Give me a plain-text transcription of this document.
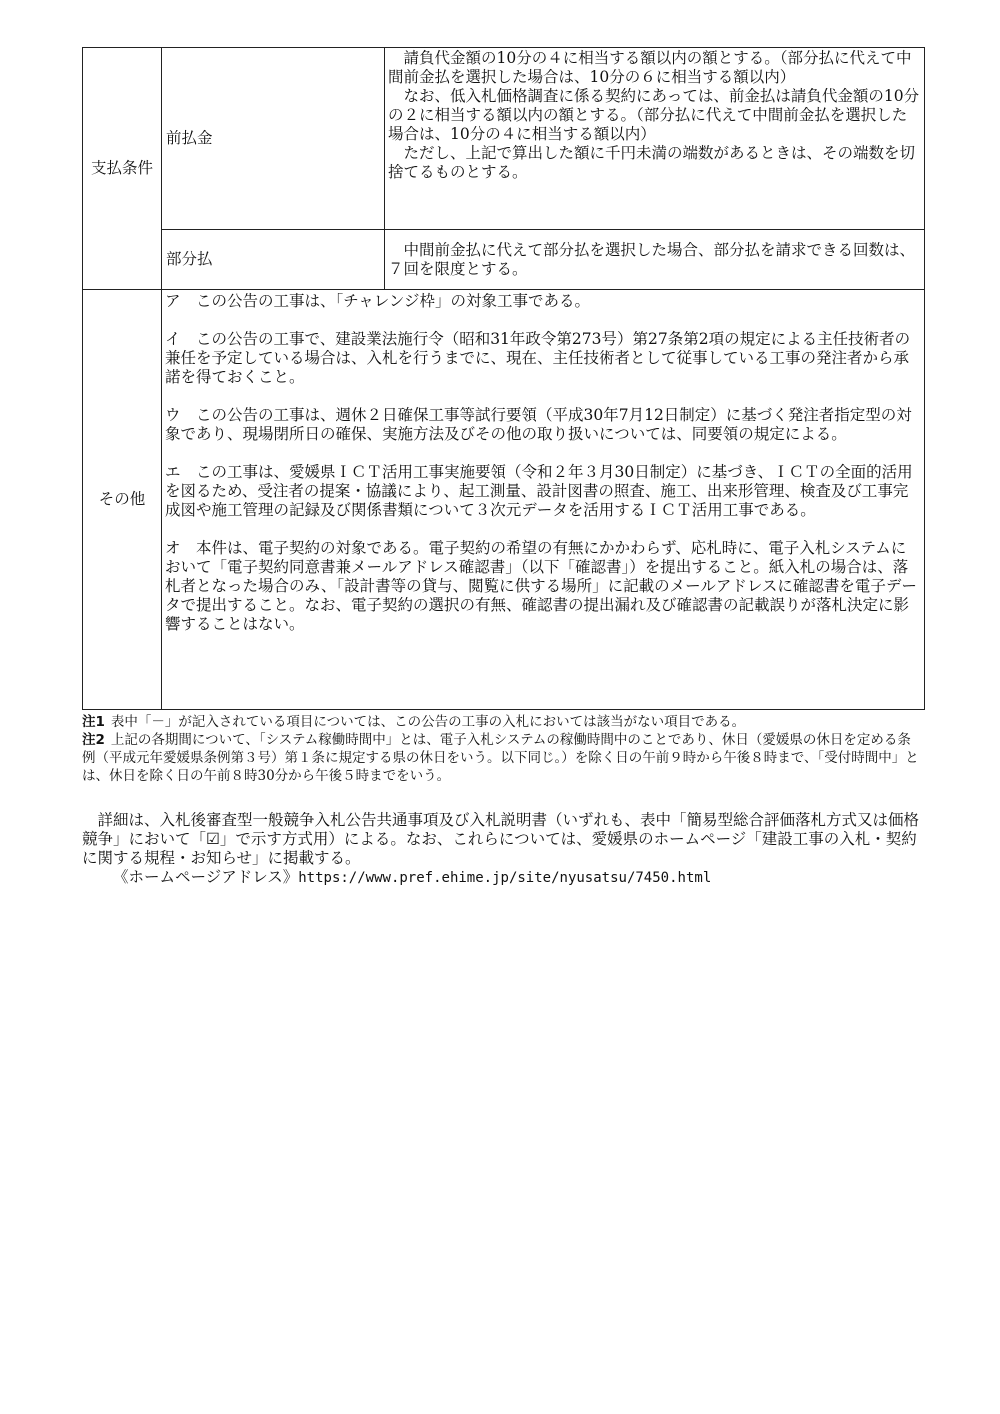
支払条件	前払金	請負代金額の10分の４に相当する額以内の額とする。（部分払に代えて中間前金払を選択した場合は、10分の６に相当する額以内）

なお、低入札価格調査に係る契約にあっては、前金払は請負代金額の10分の２に相当する額以内の額とする。（部分払に代えて中間前金払を選択した場合は、10分の４に相当する額以内）

ただし、上記で算出した額に千円未満の端数があるときは、その端数を切捨てるものとする。

	部分払	中間前金払に代えて部分払を選択した場合、部分払を請求できる回数は、７回を限度とする。

その他	ア　この公告の工事は、「チャレンジ枠」の対象工事である。
イ　この公告の工事で、建設業法施行令（昭和31年政令第273号）第27条第2項の規定による主任技術者の兼任を予定している場合は、入札を行うまでに、現在、主任技術者として従事している工事の発注者から承諾を得ておくこと。
ウ　この公告の工事は、週休２日確保工事等試行要領（平成30年7月12日制定）に基づく発注者指定型の対象であり、現場閉所日の確保、実施方法及びその他の取り扱いについては、同要領の規定による。
エ　この工事は、愛媛県ＩＣＴ活用工事実施要領（令和２年３月30日制定）に基づき、ＩＣＴの全面的活用を図るため、受注者の提案・協議により、起工測量、設計図書の照査、施工、出来形管理、検査及び工事完成図や施工管理の記録及び関係書類について３次元データを活用するＩＣＴ活用工事である。
オ　本件は、電子契約の対象である。電子契約の希望の有無にかかわらず、応札時に、電子入札システムにおいて「電子契約同意書兼メールアドレス確認書」（以下「確認書」）を提出すること。紙入札の場合は、落札者となった場合のみ、「設計書等の貸与、閲覧に供する場所」に記載のメールアドレスに確認書を電子データで提出すること。なお、電子契約の選択の有無、確認書の提出漏れ及び確認書の記載誤りが落札決定に影響することはない。	
注1 表中「－」が記入されている項目については、この公告の工事の入札においては該当がない項目である。
注2 上記の各期間について、「システム稼働時間中」とは、電子入札システムの稼働時間中のことであり、休日（愛媛県の休日を定める条例（平成元年愛媛県条例第３号）第１条に規定する県の休日をいう。以下同じ。）を除く日の午前９時から午後８時まで、「受付時間中」とは、休日を除く日の午前８時30分から午後５時までをいう。

詳細は、入札後審査型一般競争入札公告共通事項及び入札説明書（いずれも、表中「簡易型総合評価落札方式又は価格競争」において「☑」で示す方式用）による。なお、これらについては、愛媛県のホームページ「建設工事の入札・契約に関する規程・お知らせ」に掲載する。

《ホームページアドレス》https://www.pref.ehime.jp/site/nyusatsu/7450.html
